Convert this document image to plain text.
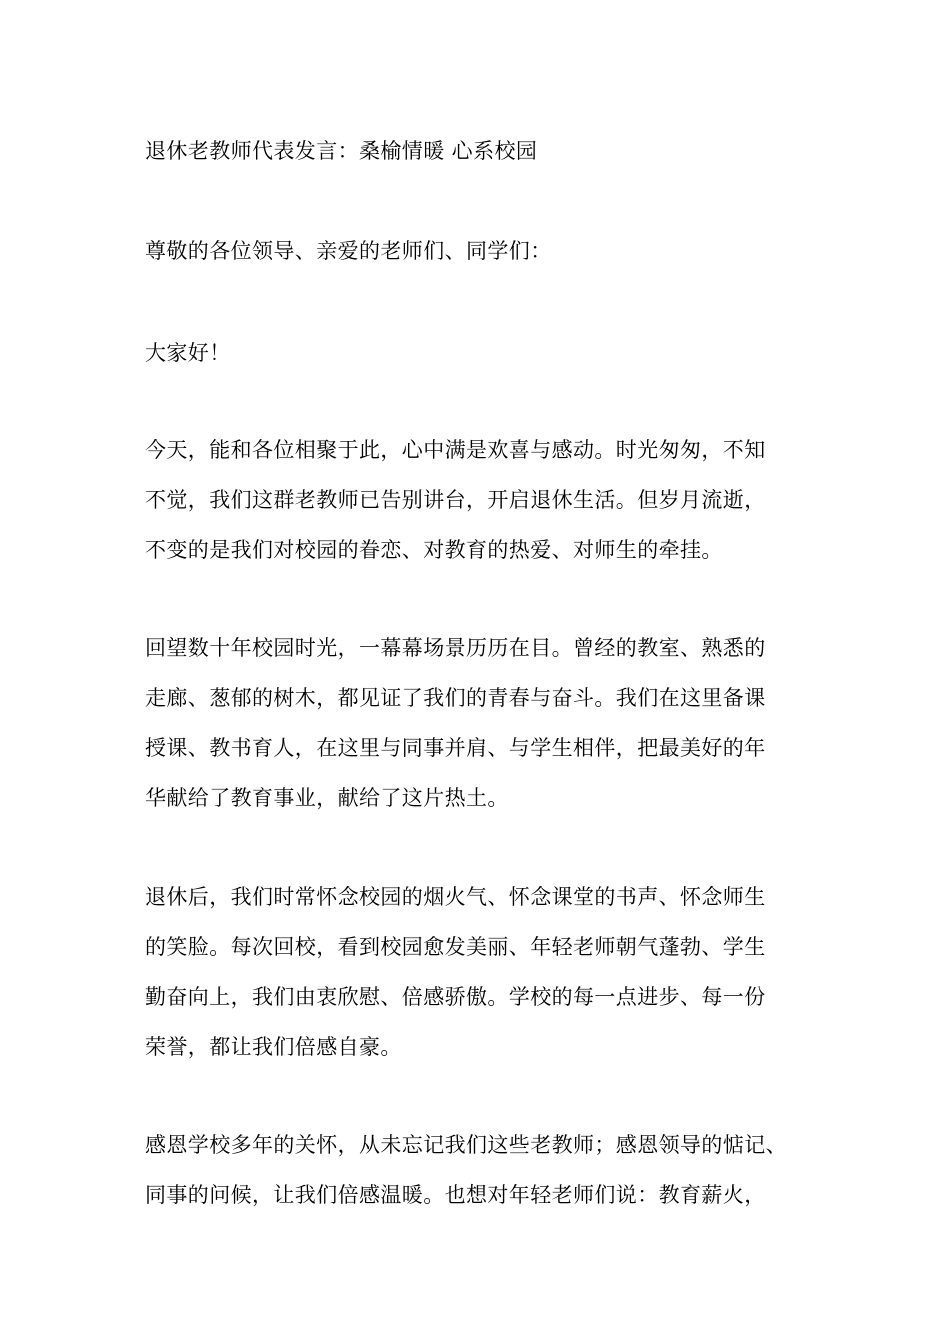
退休老教师代表发言：桑榆情暖 心系校园
尊敬的各位领导、亲爱的老师们、同学们：
大家好！
今天，能和各位相聚于此，心中满是欢喜与感动。时光匆匆，不知
不觉，我们这群老教师已告别讲台，开启退休生活。但岁月流逝，
不变的是我们对校园的眷恋、对教育的热爱、对师生的牵挂。
回望数十年校园时光，一幕幕场景历历在目。曾经的教室、熟悉的
走廊、葱郁的树木，都见证了我们的青春与奋斗。我们在这里备课
授课、教书育人，在这里与同事并肩、与学生相伴，把最美好的年
华献给了教育事业，献给了这片热土。
退休后，我们时常怀念校园的烟火气、怀念课堂的书声、怀念师生
的笑脸。每次回校，看到校园愈发美丽、年轻老师朝气蓬勃、学生
勤奋向上，我们由衷欣慰、倍感骄傲。学校的每一点进步、每一份
荣誉，都让我们倍感自豪。
感恩学校多年的关怀，从未忘记我们这些老教师；感恩领导的惦记、
同事的问候，让我们倍感温暖。也想对年轻老师们说：教育薪火，
